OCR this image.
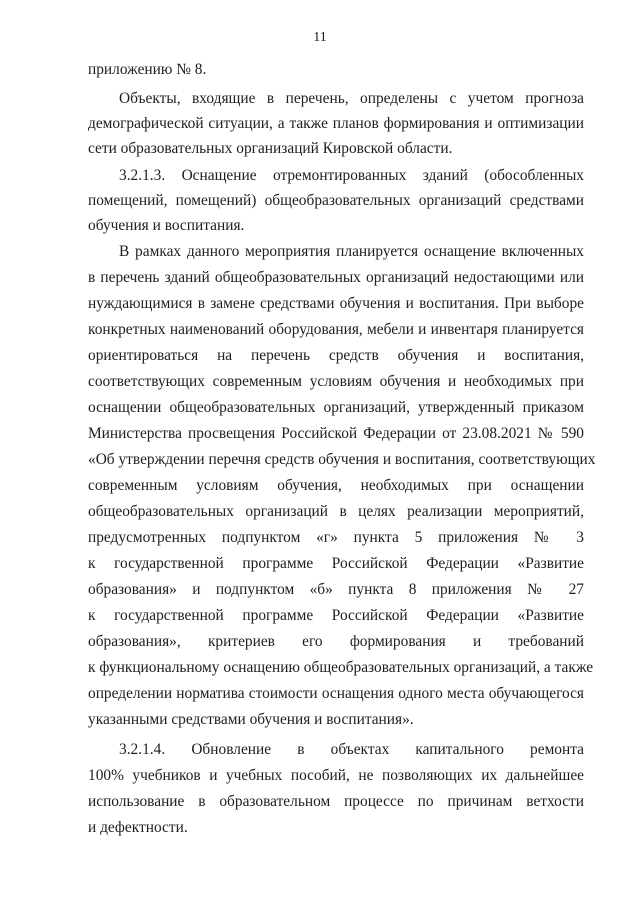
11
приложению № 8.
Объекты, входящие в перечень, определены с учетом прогноза
демографической ситуации, а также планов формирования и оптимизации
сети образовательных организаций Кировской области.
3.2.1.3. Оснащение отремонтированных зданий (обособленных
помещений, помещений) общеобразовательных организаций средствами
обучения и воспитания.
В рамках данного мероприятия планируется оснащение включенных
в перечень зданий общеобразовательных организаций недостающими или
нуждающимися в замене средствами обучения и воспитания. При выборе
конкретных наименований оборудования, мебели и инвентаря планируется
ориентироваться на перечень средств обучения и воспитания,
соответствующих современным условиям обучения и необходимых при
оснащении общеобразовательных организаций, утвержденный приказом
Министерства просвещения Российской Федерации от 23.08.2021 № 590
«Об утверждении перечня средств обучения и воспитания, соответствующих
современным условиям обучения, необходимых при оснащении
общеобразовательных организаций в целях реализации мероприятий,
предусмотренных подпунктом «г» пункта 5 приложения № 3
к государственной программе Российской Федерации «Развитие
образования» и подпунктом «б» пункта 8 приложения № 27
к государственной программе Российской Федерации «Развитие
образования», критериев его формирования и требований
к функциональному оснащению общеобразовательных организаций, а также
определении норматива стоимости оснащения одного места обучающегося
указанными средствами обучения и воспитания».
3.2.1.4. Обновление в объектах капитального ремонта
100% учебников и учебных пособий, не позволяющих их дальнейшее
использование в образовательном процессе по причинам ветхости
и дефектности.
